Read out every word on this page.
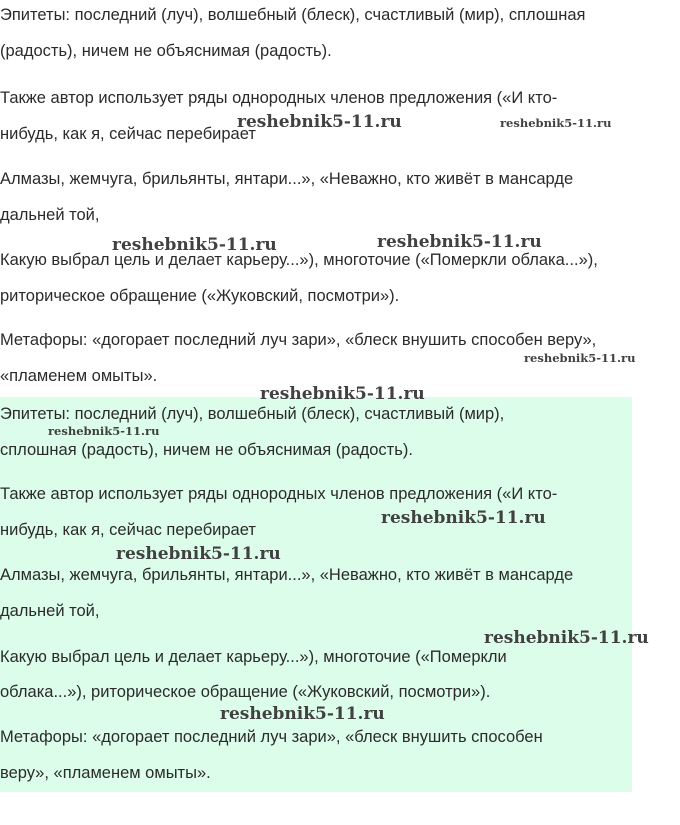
Эпитеты: последний (луч), волшебный (блеск), счастливый (мир), сплошная
(радость), ничем не объяснимая (радость).

Также автор использует ряды однородных членов предложения («И кто-
нибудь, как я, сейчас перебирает

Алмазы, жемчуга, брильянты, янтари...», «Неважно, кто живёт в мансарде
дальней той,

Какую выбрал цель и делает карьеру...»), многоточие («Померкли облака...»),
риторическое обращение («Жуковский, посмотри»).

Метафоры: «догорает последний луч зари», «блеск внушить способен веру»,
«пламенем омыты».

Эпитеты: последний (луч), волшебный (блеск), счастливый (мир),
сплошная (радость), ничем не объяснимая (радость).

Также автор использует ряды однородных членов предложения («И кто-
нибудь, как я, сейчас перебирает

Алмазы, жемчуга, брильянты, янтари...», «Неважно, кто живёт в мансарде
дальней той,

Какую выбрал цель и делает карьеру...»), многоточие («Померкли
облака...»), риторическое обращение («Жуковский, посмотри»).

Метафоры: «догорает последний луч зари», «блеск внушить способен
веру», «пламенем омыты».

reshebnik5-11.ru	reshebnik5-11.ru
reshebnik5-11.ru	reshebnik5-11.ru
reshebnik5-11.ru
reshebnik5-11.ru
reshebnik5-11.ru
reshebnik5-11.ru
reshebnik5-11.ru
reshebnik5-11.ru
reshebnik5-11.ru
